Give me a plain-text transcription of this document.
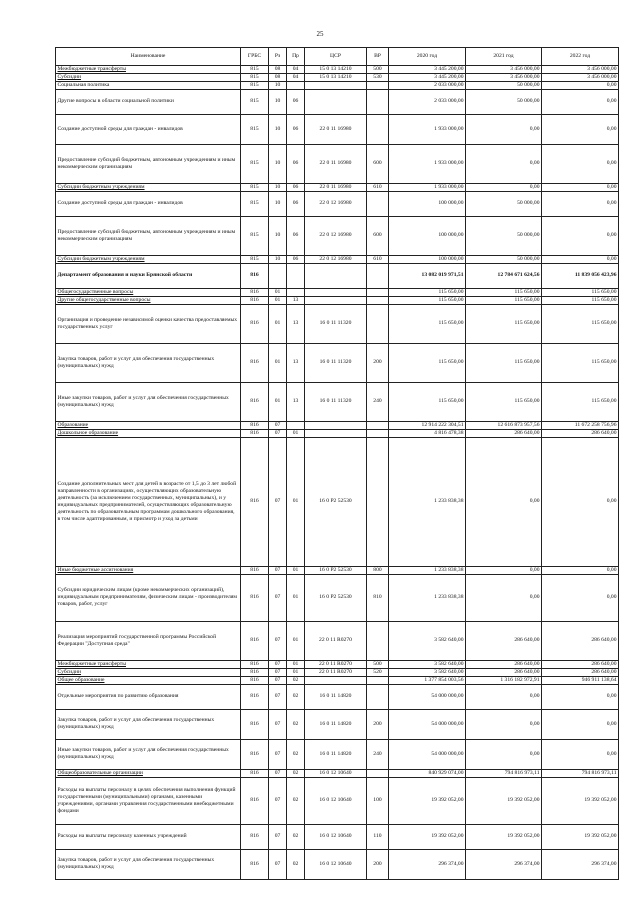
25
Наименование	ГРБС	Рз	Пр	ЦСР	ВР	2020 год	2021 год	2022 год
Межбюджетные трансферты	815	08	04	15 0 13 14210	500	3 445 200,00	3 456 000,00	3 456 000,00
Субсидии	815	08	04	15 0 13 14210	530	3 445 200,00	3 456 000,00	3 456 000,00
Социальная политика	815	10				2 033 000,00	50 000,00	0,00
Другие вопросы в области социальной политики	815	10	06			2 033 000,00	50 000,00	0,00
Создание доступной среды для граждан - инвалидов	815	10	06	22 0 11 16980		1 933 000,00	0,00	0,00
Предоставление субсидий бюджетным, автономным учреждениям и иным некоммерческим организациям	815	10	06	22 0 11 16980	600	1 933 000,00	0,00	0,00
Субсидии бюджетным учреждениям	815	10	06	22 0 11 16980	610	1 933 000,00	0,00	0,00
Создание доступной среды для граждан - инвалидов	815	10	06	22 0 12 16980		100 000,00	50 000,00	0,00
Предоставление субсидий бюджетным, автономным учреждениям и иным некоммерческим организациям	815	10	06	22 0 12 16980	600	100 000,00	50 000,00	0,00
Субсидии бюджетным учреждениям	815	10	06	22 0 12 16980	610	100 000,00	50 000,00	0,00
Департамент образования и науки Брянской области	816					13 082 019 971,51	12 784 671 624,56	11 839 056 423,96
Общегосударственные вопросы	816	01				115 650,00	115 650,00	115 650,00
Другие общегосударственные вопросы	816	01	13			115 650,00	115 650,00	115 650,00
Организация и проведение независимой оценки качества предоставляемых государственных услуг	816	01	13	16 0 11 11320		115 650,00	115 650,00	115 650,00
Закупка товаров, работ и услуг для обеспечения государственных (муниципальных) нужд	816	01	13	16 0 11 11320	200	115 650,00	115 650,00	115 650,00
Иные закупки товаров, работ и услуг для обеспечения государственных (муниципальных) нужд	816	01	13	16 0 11 11320	240	115 650,00	115 650,00	115 650,00
Образование	816	07				12 914 222 304,51	12 616 873 957,56	11 672 258 756,96
Дошкольное образование	816	07	01			4 816 478,38	286 640,00	286 640,00
Создание дополнительных мест для детей в возрасте от 1,5 до 3 лет любой направленности в организациях, осуществляющих образовательную деятельность (за исключением государственных, муниципальных), и у индивидуальных предпринимателей, осуществляющих образовательную деятельность по образовательным программам дошкольного образования, в том числе адаптированным, и присмотр и уход за детьми	816	07	01	16 0 P2 52530		1 233 838,38	0,00	0,00
Иные бюджетные ассигнования	816	07	01	16 0 P2 52530	800	1 233 838,38	0,00	0,00
Субсидии юридическим лицам (кроме некоммерческих организаций), индивидуальным предпринимателям, физическим лицам - производителям товаров, работ, услуг	816	07	01	16 0 P2 52530	810	1 233 838,38	0,00	0,00
Реализация мероприятий государственной программы Российской Федерации "Доступная среда"	816	07	01	22 0 11 R0270		3 582 640,00	286 640,00	286 640,00
Межбюджетные трансферты	816	07	01	22 0 11 R0270	500	3 582 640,00	286 640,00	286 640,00
Субсидии	816	07	01	22 0 11 R0270	520	3 582 640,00	286 640,00	286 640,00
Общее образование	816	07	02			1 377 854 003,56	1 316 182 972,91	946 911 138,64
Отдельные мероприятия по развитию образования	816	07	02	16 0 11 14820		54 000 000,00	0,00	0,00
Закупка товаров, работ и услуг для обеспечения государственных (муниципальных) нужд	816	07	02	16 0 11 14820	200	54 000 000,00	0,00	0,00
Иные закупки товаров, работ и услуг для обеспечения государственных (муниципальных) нужд	816	07	02	16 0 11 14820	240	54 000 000,00	0,00	0,00
Общеобразовательные организации	816	07	02	16 0 12 10640		840 929 074,00	794 816 973,11	794 816 973,11
Расходы на выплаты персоналу в целях обеспечения выполнения функций государственными (муниципальными) органами, казенными учреждениями, органами управления государственными внебюджетными фондами	816	07	02	16 0 12 10640	100	19 392 052,00	19 392 052,00	19 392 052,00
Расходы на выплаты персоналу казенных учреждений	816	07	02	16 0 12 10640	110	19 392 052,00	19 392 052,00	19 392 052,00
Закупка товаров, работ и услуг для обеспечения государственных (муниципальных) нужд	816	07	02	16 0 12 10640	200	296 374,00	296 374,00	296 374,00
